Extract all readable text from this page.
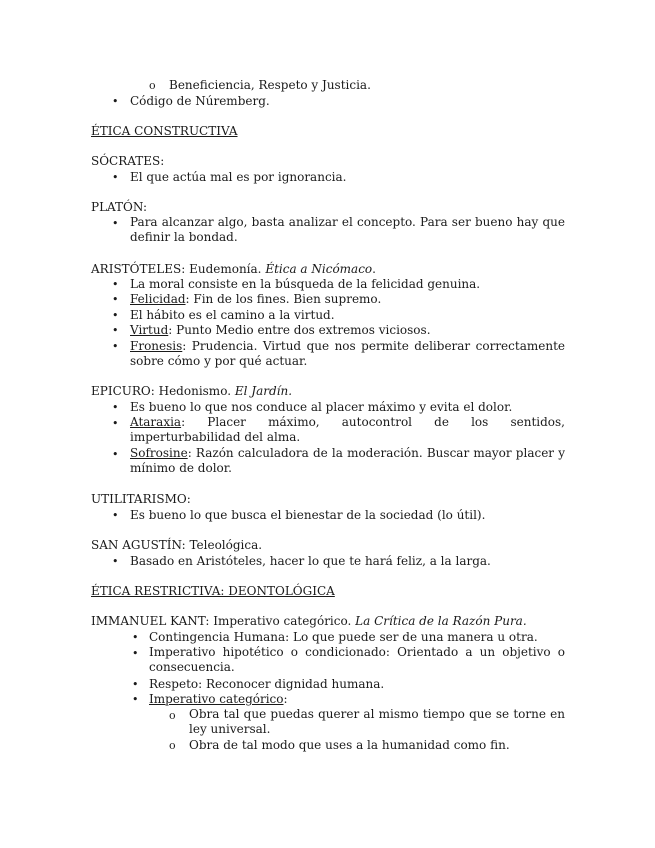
o Beneficiencia, Respeto y Justicia.
• Código de Núremberg.
ÉTICA CONSTRUCTIVA
SÓCRATES:
• El que actúa mal es por ignorancia.
PLATÓN:
• Para alcanzar algo, basta analizar el concepto. Para ser bueno hay que definir la bondad.
ARISTÓTELES: Eudemonía. Ética a Nicómaco.
• La moral consiste en la búsqueda de la felicidad genuina.
• Felicidad: Fin de los fines. Bien supremo.
• El hábito es el camino a la virtud.
• Virtud: Punto Medio entre dos extremos viciosos.
• Fronesis: Prudencia. Virtud que nos permite deliberar correctamente sobre cómo y por qué actuar.
EPICURO: Hedonismo. El Jardín.
• Es bueno lo que nos conduce al placer máximo y evita el dolor.
• Ataraxia: Placer máximo, autocontrol de los sentidos, imperturbabilidad del alma.
• Sofrosine: Razón calculadora de la moderación. Buscar mayor placer y mínimo de dolor.
UTILITARISMO:
• Es bueno lo que busca el bienestar de la sociedad (lo útil).
SAN AGUSTÍN: Teleológica.
• Basado en Aristóteles, hacer lo que te hará feliz, a la larga.
ÉTICA RESTRICTIVA: DEONTOLÓGICA
IMMANUEL KANT: Imperativo categórico. La Crítica de la Razón Pura.
• Contingencia Humana: Lo que puede ser de una manera u otra.
• Imperativo hipotético o condicionado: Orientado a un objetivo o consecuencia.
• Respeto: Reconocer dignidad humana.
• Imperativo categórico:
o Obra tal que puedas querer al mismo tiempo que se torne en ley universal.
o Obra de tal modo que uses a la humanidad como fin.
